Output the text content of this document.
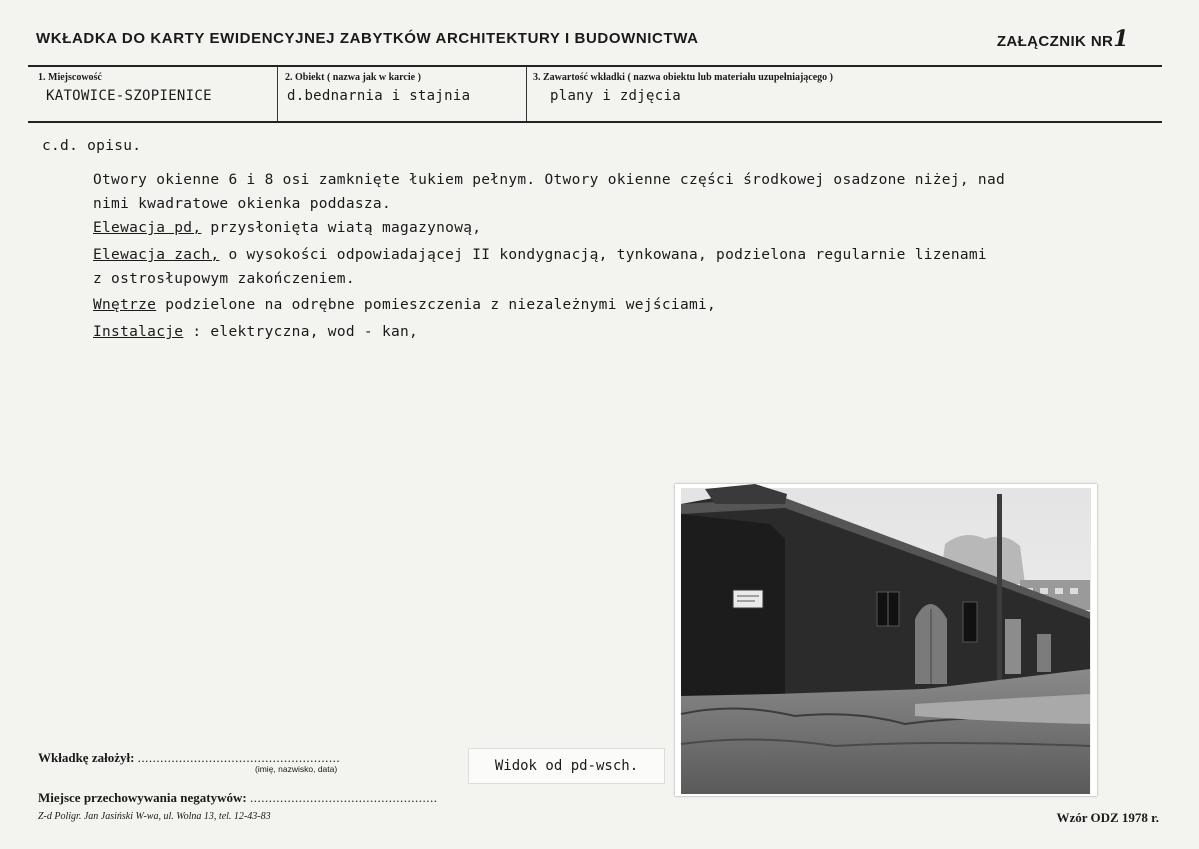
WKŁADKA DO KARTY EWIDENCYJNEJ ZABYTKÓW ARCHITEKTURY I BUDOWNICTWA	ZAŁĄCZNIK NR1
1. Miejscowość
KATOWICE-SZOPIENICE
2. Obiekt ( nazwa jak w karcie )
d.bednarnia i stajnia
3. Zawartość wkładki ( nazwa obiektu lub materiału uzupełniającego )
plany i zdjęcia
c.d. opisu.
Otwory okienne 6 i 8 osi zamknięte łukiem pełnym. Otwory okienne części środkowej osadzone niżej, nad
nimi kwadratowe okienka poddasza.
Elewacja pd, przysłonięta wiatą magazynową,
Elewacja zach, o wysokości odpowiadającej II kondygnacją, tynkowana, podzielona regularnie lizenami
z ostrosłupowym zakończeniem.
Wnętrze podzielone na odrębne pomieszczenia z niezależnymi wejściami,
Instalacje : elektryczna, wod - kan,
Widok od pd-wsch.
Wkładkę założył: ......................................................
(imię, nazwisko, data)
Miejsce przechowywania negatywów: ..................................................
Z-d Poligr. Jan Jasiński W-wa, ul. Wolna 13, tel. 12-43-83	Wzór ODZ 1978 r.
